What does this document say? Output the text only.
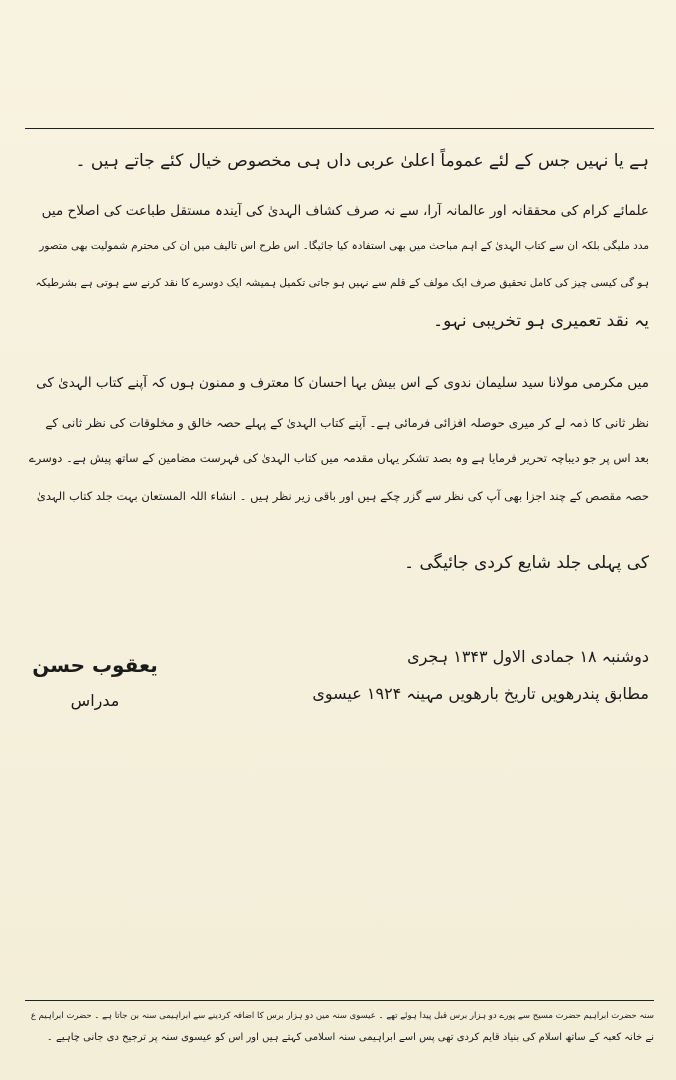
ہے یا نہیں جس کے لئے عموماً اعلیٰ عربی داں ہی مخصوص خیال کئے جاتے ہیں ۔
علمائے کرام کی محققانہ اور عالمانہ آرا، سے نہ صرف کشاف الہدیٰ کی آیندہ مستقل طباعت کی اصلاح میں
مدد ملیگی بلکہ ان سے کتاب الہدیٰ کے اہم مباحث میں بھی استفادہ کیا جائیگا۔ اس طرح اس تالیف میں ان کی محترم شمولیت بھی متصور
ہو گی کیسی چیز کی کامل تحقیق صرف ایک مولف کے قلم سے نہیں ہو جاتی تکمیل ہمیشہ ایک دوسرے کا نقد کرنے سے ہوتی ہے بشرطیکہ
یہ نقد تعمیری ہو تخریبی نہو۔
میں مکرمی مولانا سید سلیمان ندوی کے اس بیش بہا احسان کا معترف و ممنون ہوں کہ آپنے کتاب الہدیٰ کی
نظر ثانی کا ذمہ لے کر میری حوصلہ افزائی فرمائی ہے۔ آپنے کتاب الہدیٰ کے پہلے حصہ خالق و مخلوقات کی نظر ثانی کے
بعد اس پر جو دیباچہ تحریر فرمایا ہے وہ بصد تشکر یہاں مقدمہ میں کتاب الہدیٰ کی فہرست مضامین کے ساتھ پیش ہے۔ دوسرے
حصہ مقصص کے چند اجزا بھی آپ کی نظر سے گزر چکے ہیں اور باقی زیر نظر ہیں ۔ انشاء اللہ المستعان بہت جلد کتاب الہدیٰ
کی پہلی جلد شایع کردی جائیگی ۔
یعقوب حسن
مدراس
دوشنبہ ۱۸ جمادی الاول ۱۳۴۳ ہجری
مطابق پندرھویں تاریخ بارھویں مہینہ ۱۹۲۴ عیسوی
سنہ حضرت ابراہیم حضرت مسیح سے پورے دو ہزار برس قبل پیدا ہوئے تھے ۔ عیسوی سنہ میں دو ہزار برس کا اضافہ کردینے سے ابراہیمی سنہ بن جاتا ہے ۔ حضرت ابراہیم ع
نے خانہ کعبہ کے ساتھ اسلام کی بنیاد قایم کردی تھی پس اسے ابراہیمی سنہ اسلامی کہتے ہیں اور اس کو عیسوی سنہ پر ترجیح دی جانی چاہیے ۔
